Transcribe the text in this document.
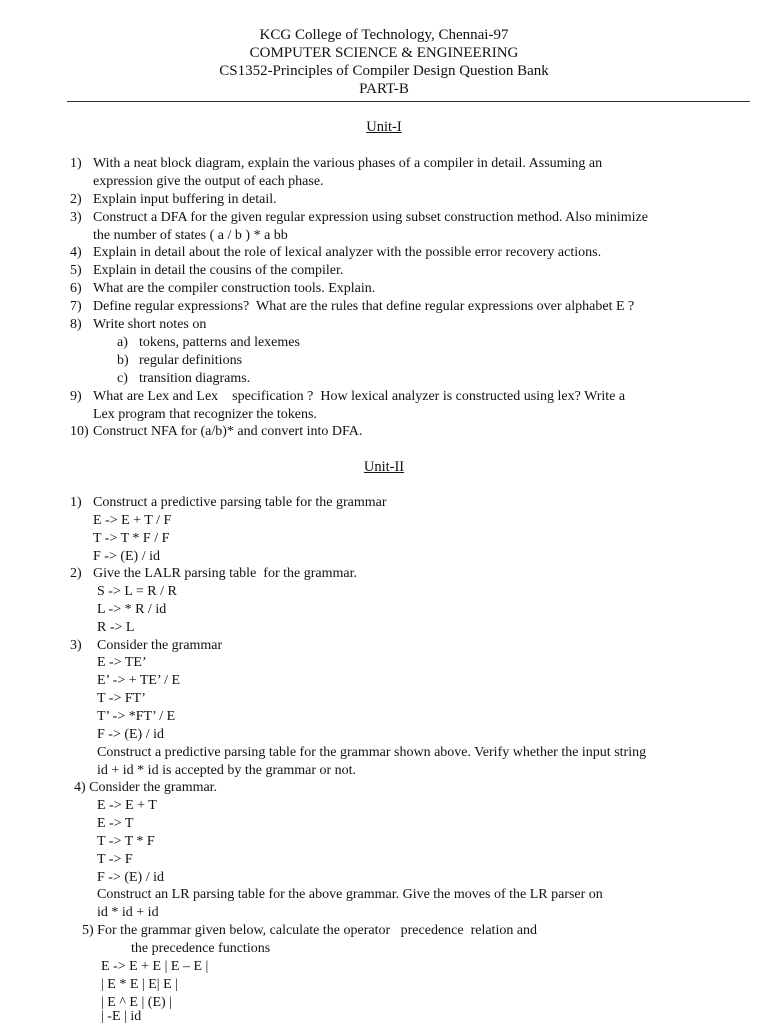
KCG College of Technology, Chennai-97
COMPUTER SCIENCE & ENGINEERING
CS1352-Principles of Compiler Design Question Bank
PART-B
Unit-I
1) With a neat block diagram, explain the various phases of a compiler in detail. Assuming an
expression give the output of each phase.
2) Explain input buffering in detail.
3) Construct a DFA for the given regular expression using subset construction method. Also minimize
the number of states ( a / b ) * a bb
4) Explain in detail about the role of lexical analyzer with the possible error recovery actions.
5) Explain in detail the cousins of the compiler.
6) What are the compiler construction tools. Explain.
7) Define regular expressions?  What are the rules that define regular expressions over alphabet E ?
8) Write short notes on
a) tokens, patterns and lexemes
b) regular definitions
c) transition diagrams.
9) What are Lex and Lex    specification ?  How lexical analyzer is constructed using lex? Write a
Lex program that recognizer the tokens.
10) Construct NFA for (a/b)* and convert into DFA.
Unit-II
1) Construct a predictive parsing table for the grammar
E -> E + T / F
T -> T * F / F
F -> (E) / id
2) Give the LALR parsing table  for the grammar.
S -> L = R / R
L -> * R / id
R -> L
3) Consider the grammar
E -> TE’
E’ -> + TE’ / E
T -> FT’
T’ -> *FT’ / E
F -> (E) / id
Construct a predictive parsing table for the grammar shown above. Verify whether the input string
id + id * id is accepted by the grammar or not.
4) Consider the grammar.
E -> E + T
E -> T
T -> T * F
T -> F
F -> (E) / id
Construct an LR parsing table for the above grammar. Give the moves of the LR parser on
id * id + id
5) For the grammar given below, calculate the operator   precedence  relation and
the precedence functions
E -> E + E | E – E |
| E * E | E| E |
| E ^ E | (E) |
| -E | id
